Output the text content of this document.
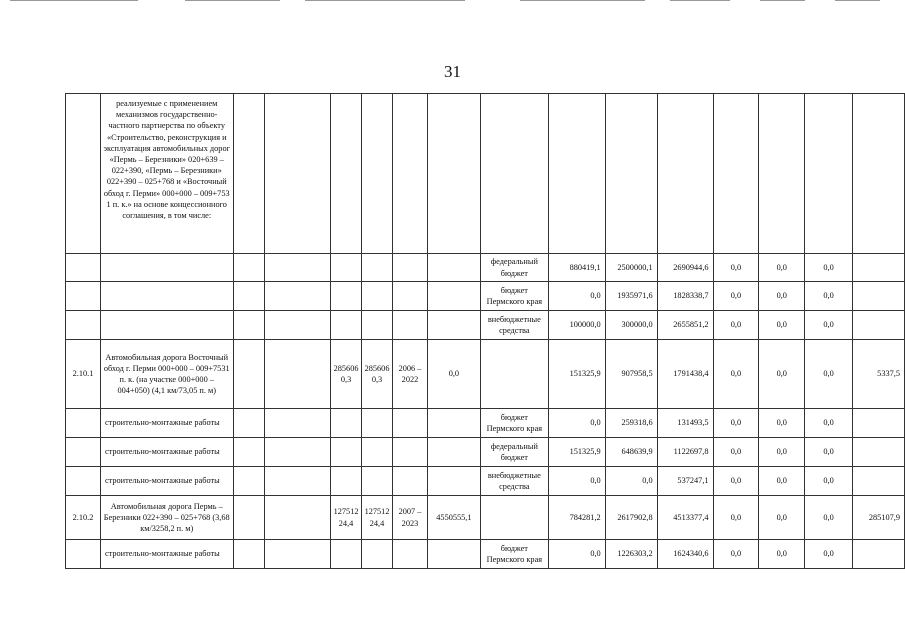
31
	реализуемые с применением механизмов государственно-частного партнерства по объекту «Строительство, реконструкция и эксплуатация автомобильных дорог «Пермь – Березники» 020+639 – 022+390, «Пермь – Березники» 022+390 – 025+768 и «Восточный обход г. Перми» 000+000 – 009+753 1 п. к.» на основе концессионного соглашения, в том числе:														
								федеральный бюджет	880419,1	2500000,1	2690944,6	0,0	0,0	0,0	
								бюджет Пермского края	0,0	1935971,6	1828338,7	0,0	0,0	0,0	
								внебюджетные средства	100000,0	300000,0	2655851,2	0,0	0,0	0,0	
2.10.1	Автомобильная дорога Восточный обход г. Перми 000+000 – 009+7531 п. к. (на участке 000+000 – 004+050) (4,1 км/73,05 п. м)			285606 0,3	285606 0,3	2006 – 2022	0,0		151325,9	907958,5	1791438,4	0,0	0,0	0,0	5337,5
	строительно-монтажные работы							бюджет Пермского края	0,0	259318,6	131493,5	0,0	0,0	0,0	
	строительно-монтажные работы							федеральный бюджет	151325,9	648639,9	1122697,8	0,0	0,0	0,0	
	строительно-монтажные работы							внебюджетные средства	0,0	0,0	537247,1	0,0	0,0	0,0	
2.10.2	Автомобильная дорога Пермь – Березники 022+390 – 025+768 (3,68 км/3258,2 п. м)			127512 24,4	127512 24,4	2007 – 2023	4550555,1		784281,2	2617902,8	4513377,4	0,0	0,0	0,0	285107,9
	строительно-монтажные работы							бюджет Пермского края	0,0	1226303,2	1624340,6	0,0	0,0	0,0	
